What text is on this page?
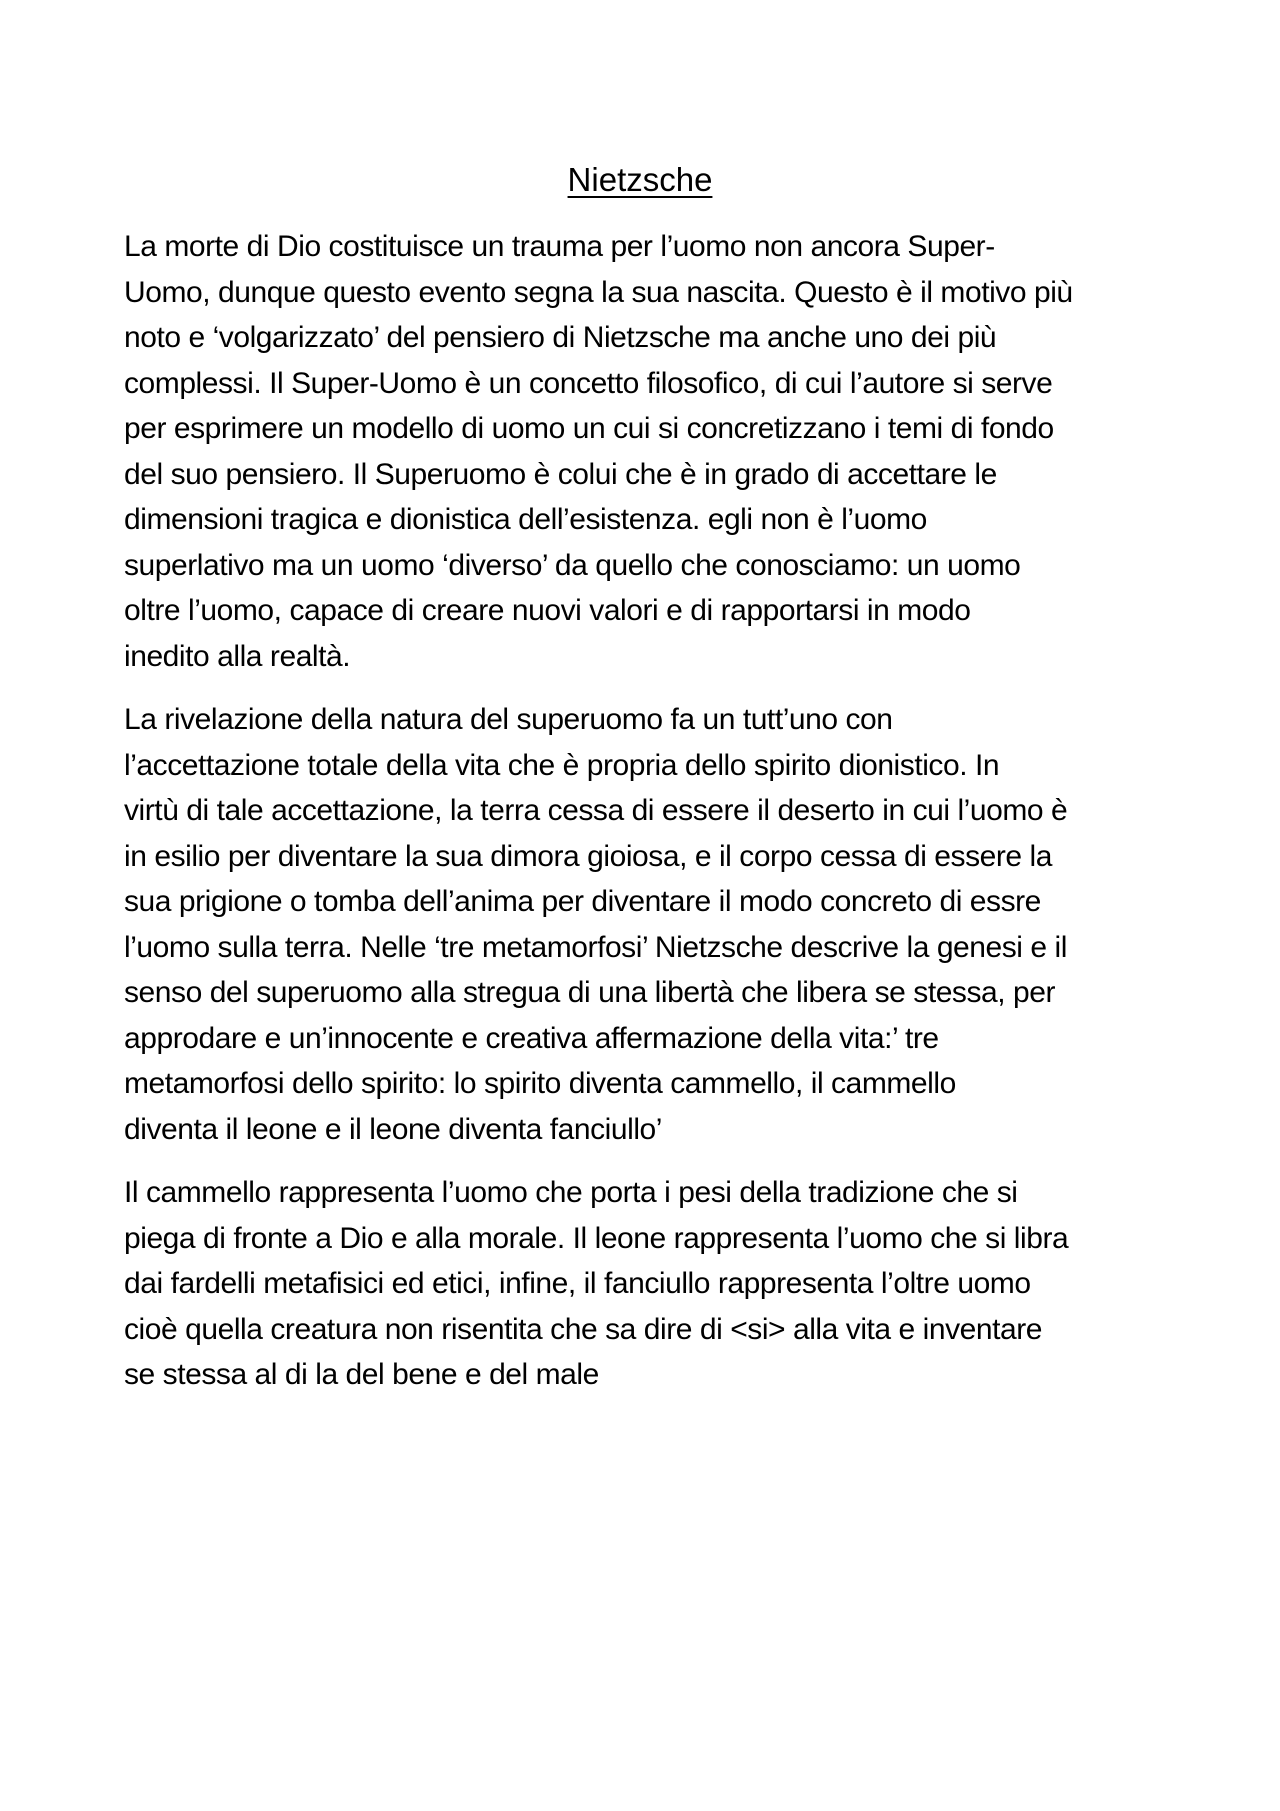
Nietzsche

La morte di Dio costituisce un trauma per l’uomo non ancora Super-
Uomo, dunque questo evento segna la sua nascita. Questo è il motivo più
noto e ‘volgarizzato’ del pensiero di Nietzsche ma anche uno dei più
complessi. Il Super-Uomo è un concetto filosofico, di cui l’autore si serve
per esprimere un modello di uomo un cui si concretizzano i temi di fondo
del suo pensiero. Il Superuomo è colui che è in grado di accettare le
dimensioni tragica e dionistica dell’esistenza. egli non è l’uomo
superlativo ma un uomo ‘diverso’ da quello che conosciamo: un uomo
oltre l’uomo, capace di creare nuovi valori e di rapportarsi in modo
inedito alla realtà.

La rivelazione della natura del superuomo fa un tutt’uno con
l’accettazione totale della vita che è propria dello spirito dionistico. In
virtù di tale accettazione, la terra cessa di essere il deserto in cui l’uomo è
in esilio per diventare la sua dimora gioiosa, e il corpo cessa di essere la
sua prigione o tomba dell’anima per diventare il modo concreto di essre
l’uomo sulla terra. Nelle ‘tre metamorfosi’ Nietzsche descrive la genesi e il
senso del superuomo alla stregua di una libertà che libera se stessa, per
approdare e un’innocente e creativa affermazione della vita:’ tre
metamorfosi dello spirito: lo spirito diventa cammello, il cammello
diventa il leone e il leone diventa fanciullo’

Il cammello rappresenta l’uomo che porta i pesi della tradizione che si
piega di fronte a Dio e alla morale. Il leone rappresenta l’uomo che si libra
dai fardelli metafisici ed etici, infine, il fanciullo rappresenta l’oltre uomo
cioè quella creatura non risentita che sa dire di <si> alla vita e inventare
se stessa al di la del bene e del male
